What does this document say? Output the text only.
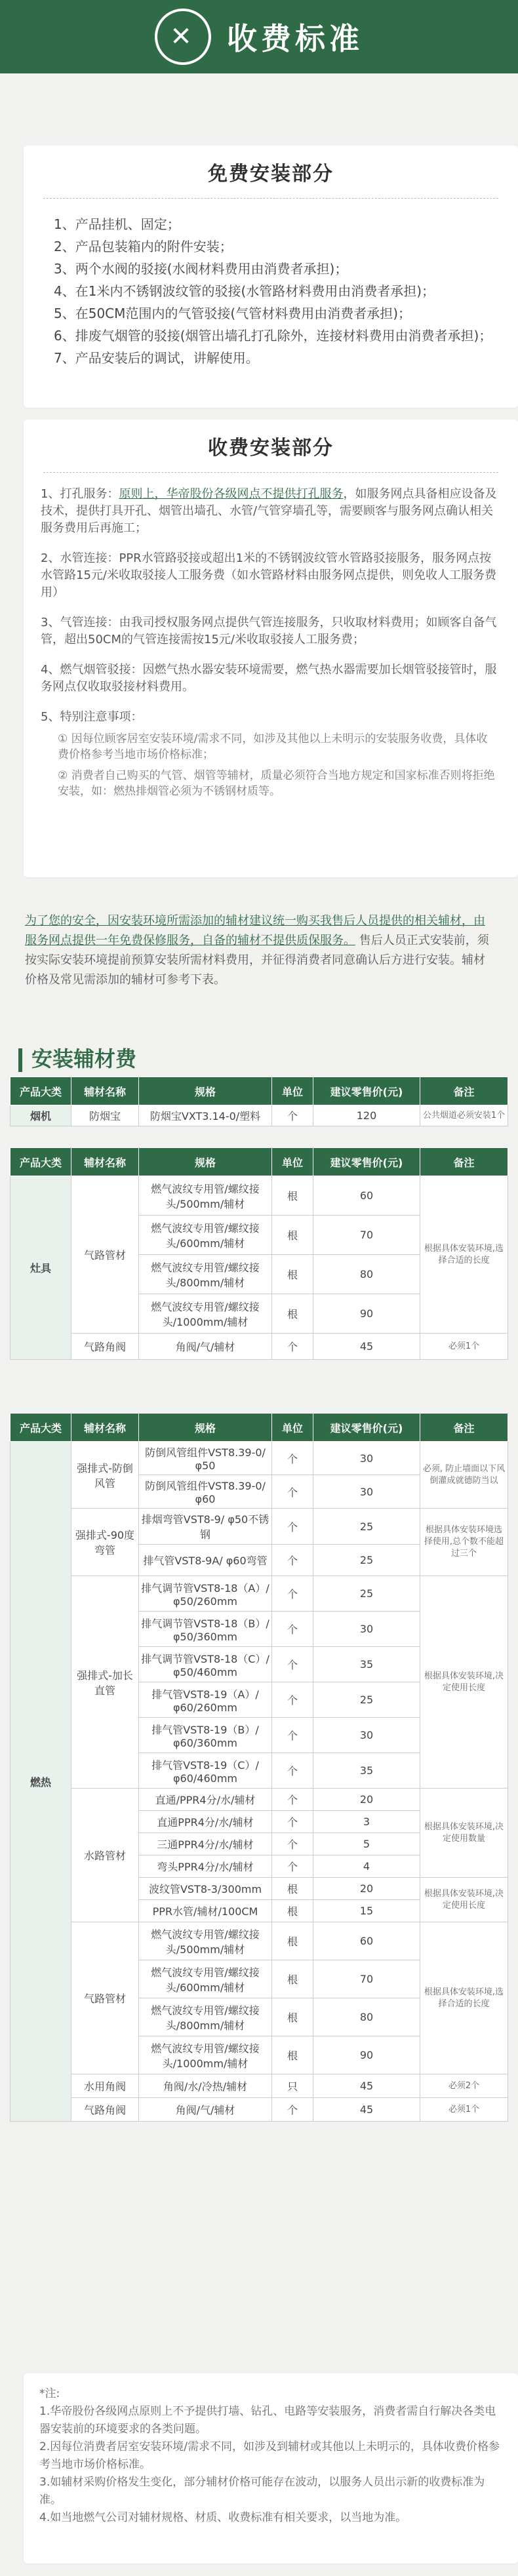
✕	收费标准
免费安装部分
1、产品挂机、固定；
2、产品包装箱内的附件安装；
3、两个水阀的驳接(水阀材料费用由消费者承担)；
4、在1米内不锈钢波纹管的驳接(水管路材料费用由消费者承担)；
5、在50CM范围内的气管驳接(气管材料费用由消费者承担)；
6、排废气烟管的驳接(烟管出墙孔打孔除外，连接材料费用由消费者承担)；
7、产品安装后的调试，讲解使用。
收费安装部分
1、打孔服务：原则上，华帝股份各级网点不提供打孔服务，如服务网点具备相应设备及技术，提供打具开孔、烟管出墙孔、水管/气管穿墙孔等，需要顾客与服务网点确认相关服务费用后再施工；
2、水管连接：PPR水管路驳接或超出1米的不锈钢波纹管水管路驳接服务，服务网点按水管路15元/米收取驳接人工服务费（如水管路材料由服务网点提供，则免收人工服务费用）
3、气管连接：由我司授权服务网点提供气管连接服务，只收取材料费用；如顾客自备气管，超出50CM的气管连接需按15元/米收取驳接人工服务费；
4、燃气烟管驳接：因燃气热水器安装环境需要，燃气热水器需要加长烟管驳接管时，服务网点仅收取驳接材料费用。
5、特别注意事项：
① 因每位顾客居室安装环境/需求不同，如涉及其他以上未明示的安装服务收费，具体收费价格参考当地市场价格标准；
② 消费者自己购买的气管、烟管等辅材，质量必须符合当地方规定和国家标准否则将拒绝安装，如：燃热排烟管必须为不锈钢材质等。
为了您的安全，因安装环境所需添加的辅材建议统一购买我售后人员提供的相关辅材，由服务网点提供一年免费保修服务，自备的辅材不提供质保服务。 售后人员正式安装前，须按实际安装环境提前预算安装所需材料费用，并征得消费者同意确认后方进行安装。辅材价格及常见需添加的辅材可参考下表。
安装辅材费
产品大类	辅材名称	规格	单位	建议零售价(元)	备注
烟机	防烟宝	防烟宝VXT3.14-0/塑料	个	120	公共烟道必须安装1个
产品大类	辅材名称	规格	单位	建议零售价(元)	备注
灶具	气路管材	燃气波纹专用管/螺纹接头/500mm/辅材	根	60	根据具体安装环境,选择合适的长度
		燃气波纹专用管/螺纹接头/600mm/辅材	根	70	
		燃气波纹专用管/螺纹接头/800mm/辅材	根	80	
		燃气波纹专用管/螺纹接头/1000mm/辅材	根	90	
	气路角阀	角阀/气/辅材	个	45	必须1个
产品大类	辅材名称	规格	单位	建议零售价(元)	备注
燃热	强排式-防倒风管	防倒风管组件VST8.39-0/ φ50	个	30	必须, 防止墙面以下风倒灌成就德防当以
		防倒风管组件VST8.39-0/ φ60	个	30	
	强排式-90度弯管	排烟弯管VST8-9/ φ50不锈钢	个	25	根据具体安装环境选择使用,总个数不能超过三个
		排气管VST8-9A/ φ60弯管	个	25	
	强排式-加长直管	排气调节管VST8-18（A）/ φ50/260mm	个	25	根据具体安装环境,决定使用长度
		排气调节管VST8-18（B）/ φ50/360mm	个	30	
		排气调节管VST8-18（C）/ φ50/460mm	个	35	
		排气管VST8-19（A）/ φ60/260mm	个	25	
		排气管VST8-19（B）/ φ60/360mm	个	30	
		排气管VST8-19（C）/ φ60/460mm	个	35	
	水路管材	直通/PPR4分/水/辅材	个	20	根据具体安装环境,决定使用数量
		直通PPR4分/水/辅材	个	3	
		三通PPR4分/水/辅材	个	5	
		弯头PPR4分/水/辅材	个	4	
		波纹管VST8-3/300mm	根	20	根据具体安装环境,决定使用长度
		PPR水管/辅材/100CM	根	15	
	气路管材	燃气波纹专用管/螺纹接头/500mm/辅材	根	60	根据具体安装环境,选择合适的长度
		燃气波纹专用管/螺纹接头/600mm/辅材	根	70	
		燃气波纹专用管/螺纹接头/800mm/辅材	根	80	
		燃气波纹专用管/螺纹接头/1000mm/辅材	根	90	
	水用角阀	角阀/水/冷热/辅材	只	45	必须2个
	气路角阀	角阀/气/辅材	个	45	必须1个
*注:
1.华帝股份各级网点原则上不予提供打墙、钻孔、电路等安装服务，消费者需自行解决各类电器安装前的环境要求的各类问题。
2.因每位消费者居室安装环境/需求不同，如涉及到辅材或其他以上未明示的，具体收费价格参考当地市场价格标准。
3.如辅材采购价格发生变化，部分辅材价格可能存在波动，以服务人员出示新的收费标准为准。
4.如当地燃气公司对辅材规格、材质、收费标准有相关要求，以当地为准。
